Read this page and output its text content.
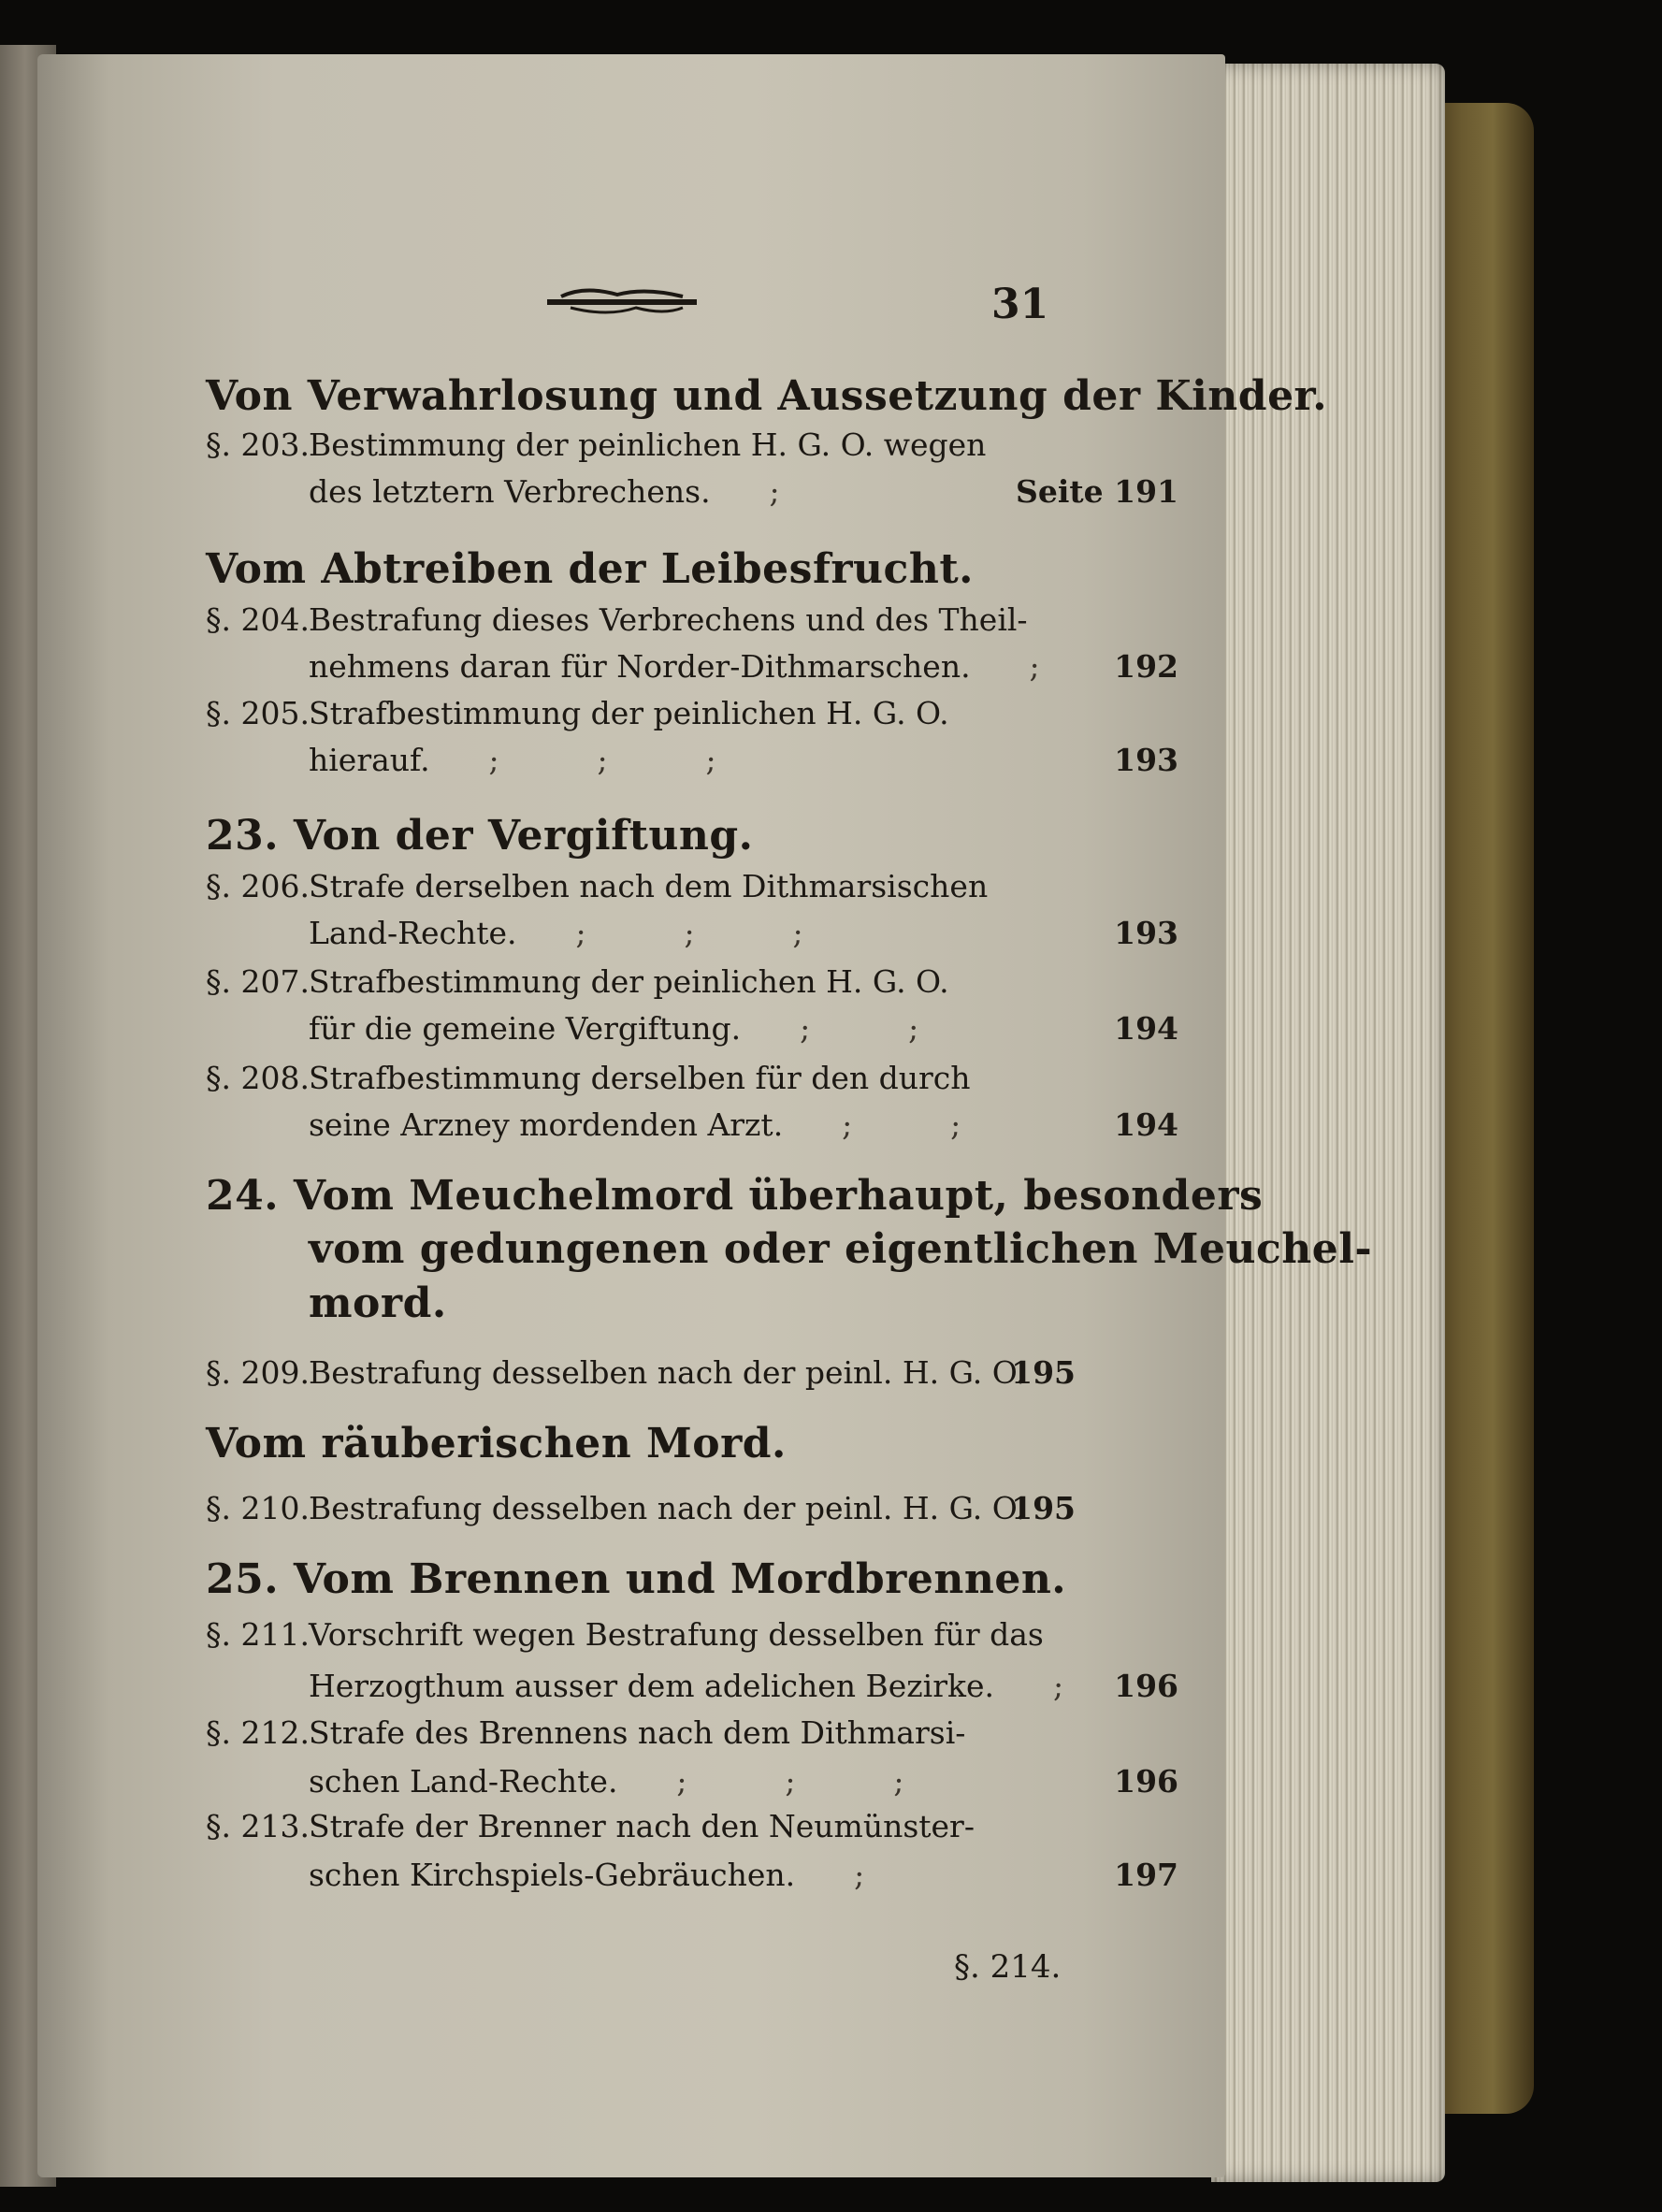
31
Von Verwahrlosung und Aussetzung der Kinder.
§. 203.Bestimmung der peinlichen H. G. O. wegen
des letztern Verbrechens.      ;	Seite 191
Vom Abtreiben der Leibesfrucht.
§. 204.Bestrafung dieses Verbrechens und des Theil-
nehmens daran für Norder-Dithmarschen.      ;	192
§. 205.Strafbestimmung der peinlichen H. G. O.
hierauf.      ;          ;          ;	193
23. Von der Vergiftung.
§. 206.Strafe derselben nach dem Dithmarsischen
Land-Rechte.      ;          ;          ;	193
§. 207.Strafbestimmung der peinlichen H. G. O.
für die gemeine Vergiftung.      ;          ;	194
§. 208.Strafbestimmung derselben für den durch
seine Arzney mordenden Arzt.      ;          ;	194
24. Vom Meuchelmord überhaupt, besonders
vom gedungenen oder eigentlichen Meuchel-
mord.
§. 209.Bestrafung desselben nach der peinl. H. G. O.
195
Vom räuberischen Mord.
§. 210.Bestrafung desselben nach der peinl. H. G. O.
195
25. Vom Brennen und Mordbrennen.
§. 211.Vorschrift wegen Bestrafung desselben für das
Herzogthum ausser dem adelichen Bezirke.      ;	196
§. 212.Strafe des Brennens nach dem Dithmarsi-
schen Land-Rechte.      ;          ;          ;	196
§. 213.Strafe der Brenner nach den Neumünster-
schen Kirchspiels-Gebräuchen.      ;	197
§. 214.
